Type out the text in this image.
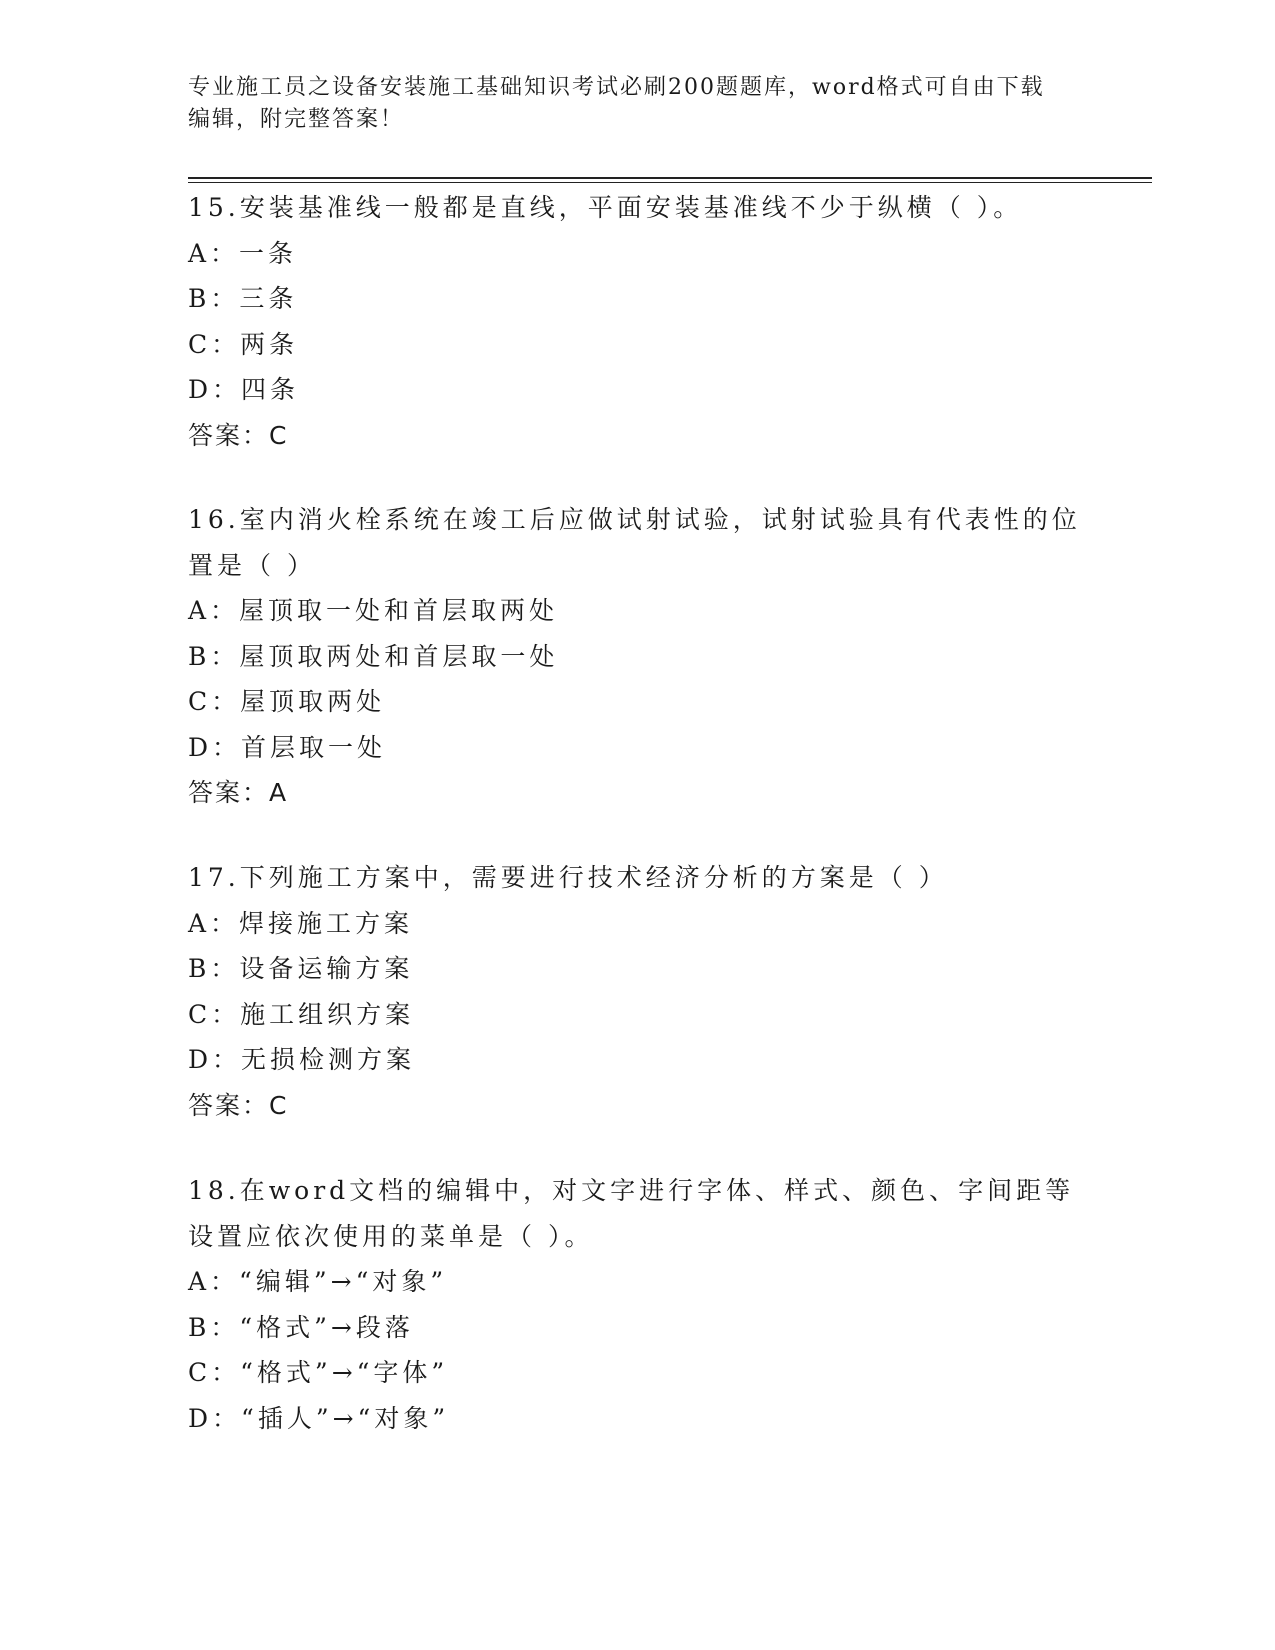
专业施工员之设备安装施工基础知识考试必刷200题题库，word格式可自由下载
编辑，附完整答案！
15.安装基准线一般都是直线，平面安装基准线不少于纵横（ ）。
A：一条
B：三条
C：两条
D：四条
答案：C
16.室内消火栓系统在竣工后应做试射试验，试射试验具有代表性的位
置是（ ）
A：屋顶取一处和首层取两处
B：屋顶取两处和首层取一处
C：屋顶取两处
D：首层取一处
答案：A
17.下列施工方案中，需要进行技术经济分析的方案是（ ）
A：焊接施工方案
B：设备运输方案
C：施工组织方案
D：无损检测方案
答案：C
18.在word文档的编辑中，对文字进行字体、样式、颜色、字间距等
设置应依次使用的菜单是（ ）。
A：“编辑”→“对象”
B：“格式”→段落
C：“格式”→“字体”
D：“插人”→“对象”
